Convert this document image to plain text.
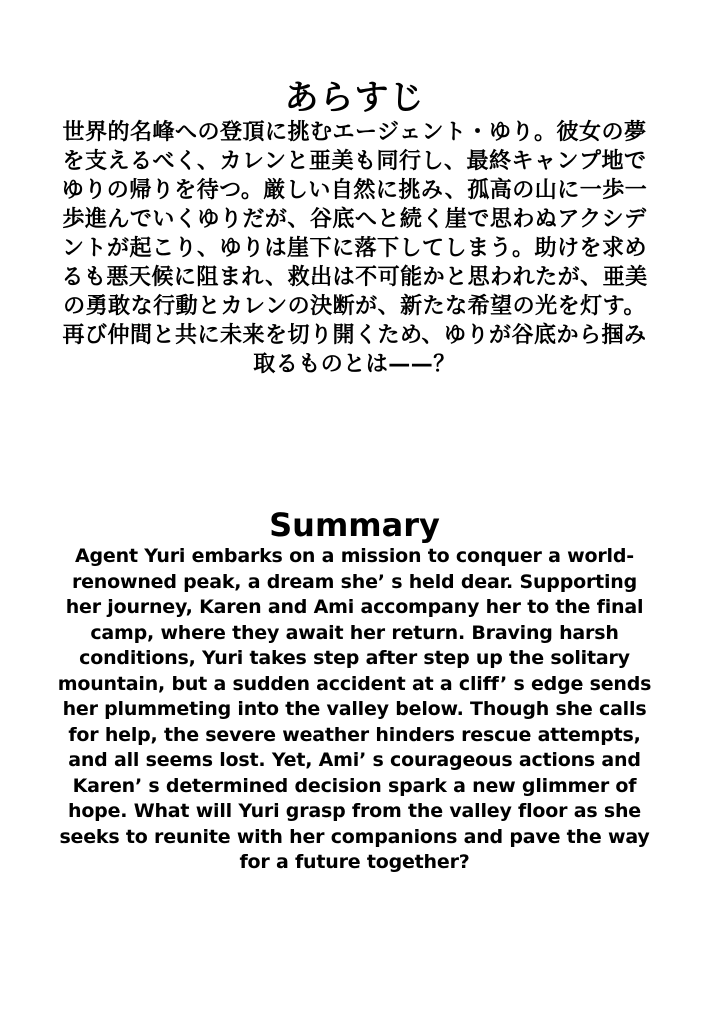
あらすじ
世界的名峰への登頂に挑むエージェント・ゆり。彼女の夢
を支えるべく、カレンと亜美も同行し、最終キャンプ地で
ゆりの帰りを待つ。厳しい自然に挑み、孤高の山に一歩一
歩進んでいくゆりだが、谷底へと続く崖で思わぬアクシデ
ントが起こり、ゆりは崖下に落下してしまう。助けを求め
るも悪天候に阻まれ、救出は不可能かと思われたが、亜美
の勇敢な行動とカレンの決断が、新たな希望の光を灯す。
再び仲間と共に未来を切り開くため、ゆりが谷底から掴み
取るものとは——？
Summary
Agent Yuri embarks on a mission to conquer a world-
renowned peak, a dream she’ s held dear. Supporting
her journey, Karen and Ami accompany her to the final
camp, where they await her return. Braving harsh
conditions, Yuri takes step after step up the solitary
mountain, but a sudden accident at a cliff’ s edge sends
her plummeting into the valley below. Though she calls
for help, the severe weather hinders rescue attempts,
and all seems lost. Yet, Ami’ s courageous actions and
Karen’ s determined decision spark a new glimmer of
hope. What will Yuri grasp from the valley floor as she
seeks to reunite with her companions and pave the way
for a future together?
